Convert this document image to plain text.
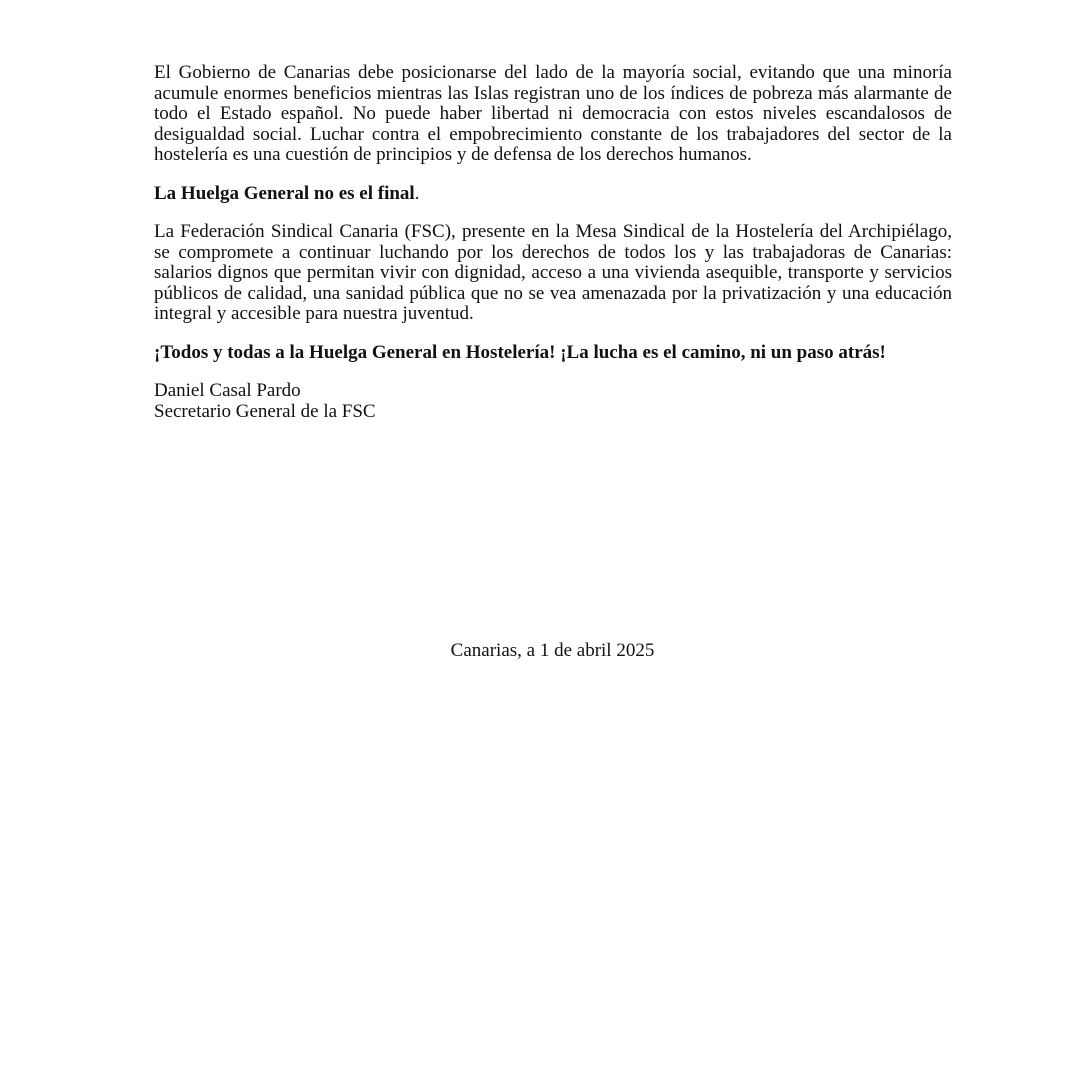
El Gobierno de Canarias debe posicionarse del lado de la mayoría social, evitando que una minoría acumule enormes beneficios mientras las Islas registran uno de los índices de pobreza más alarmante de todo el Estado español. No puede haber libertad ni democracia con estos niveles escandalosos de desigualdad social. Luchar contra el empobrecimiento constante de los trabajadores del sector de la hostelería es una cuestión de principios y de defensa de los derechos humanos.

La Huelga General no es el final.

La Federación Sindical Canaria (FSC), presente en la Mesa Sindical de la Hostelería del Archipiélago, se compromete a continuar luchando por los derechos de todos los y las trabajadoras de Canarias: salarios dignos que permitan vivir con dignidad, acceso a una vivienda asequible, transporte y servicios públicos de calidad, una sanidad pública que no se vea amenazada por la privatización y una educación integral y accesible para nuestra juventud.

¡Todos y todas a la Huelga General en Hostelería! ¡La lucha es el camino, ni un paso atrás!

Daniel Casal Pardo
Secretario General de la FSC
Canarias, a 1 de abril 2025
